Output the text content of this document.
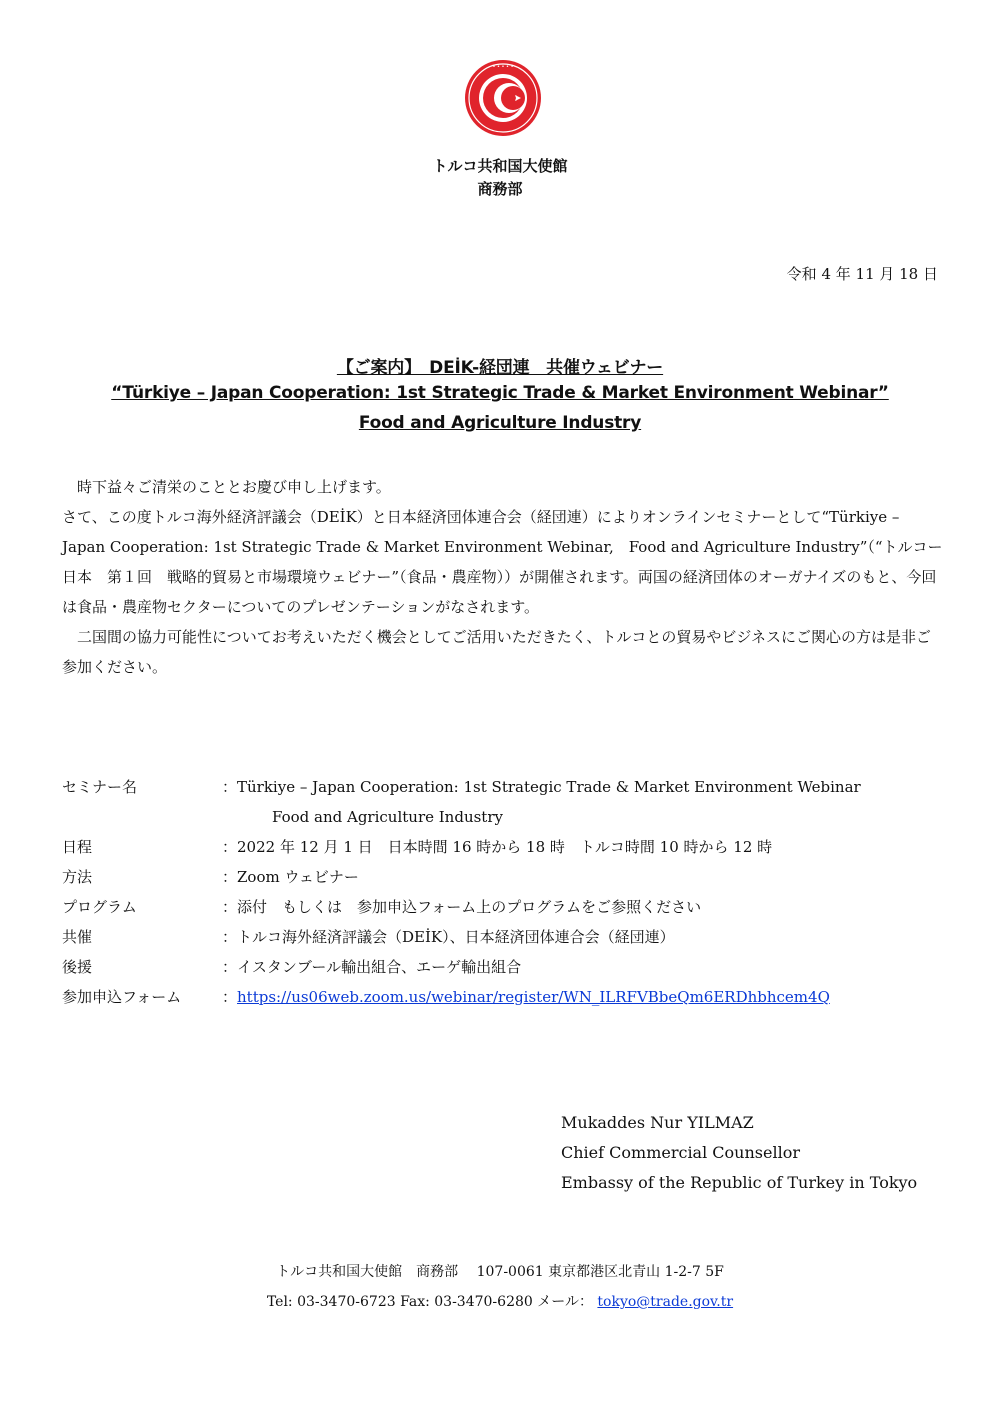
• • • • •
トルコ共和国大使館
商務部
令和 4 年 11 月 18 日
【ご案内】　DEİK-経団連　共催ウェビナー
“Türkiye – Japan Cooperation: 1st Strategic Trade & Market Environment Webinar”
Food and Agriculture Industry

時下益々ご清栄のこととお慶び申し上げます。

さて、この度トルコ海外経済評議会（DEİK）と日本経済団体連合会（経団連）によりオンラインセミナーとして“Türkiye – Japan Cooperation: 1st Strategic Trade & Market Environment Webinar,　Food and Agriculture Industry”（“トルコー日本　第１回　戦略的貿易と市場環境ウェビナー”（食品・農産物））が開催されます。両国の経済団体のオーガナイズのもと、今回は食品・農産物セクターについてのプレゼンテーションがなされます。

二国間の協力可能性についてお考えいただく機会としてご活用いただきたく、トルコとの貿易やビジネスにご関心の方は是非ご参加ください。

セミナー名	：Türkiye – Japan Cooperation: 1st Strategic Trade & Market Environment Webinar
Food and Agriculture Industry
日程	：2022 年 12 月 1 日　日本時間 16 時から 18 時　トルコ時間 10 時から 12 時
方法	：Zoom ウェビナー
プログラム	：添付　もしくは　参加申込フォーム上のプログラムをご参照ください
共催	：トルコ海外経済評議会（DEİK）、日本経済団体連合会（経団連）
後援	：イスタンブール輸出組合、エーゲ輸出組合
参加申込フォーム	：https://us06web.zoom.us/webinar/register/WN_ILRFVBbeQm6ERDhbhcem4Q
Mukaddes Nur YILMAZ
Chief Commercial Counsellor
Embassy of the Republic of Turkey in Tokyo
トルコ共和国大使館　商務部　 107-0061 東京都港区北青山 1-2-7 5F
Tel: 03-3470-6723 Fax: 03-3470-6280 メール： tokyo@trade.gov.tr
